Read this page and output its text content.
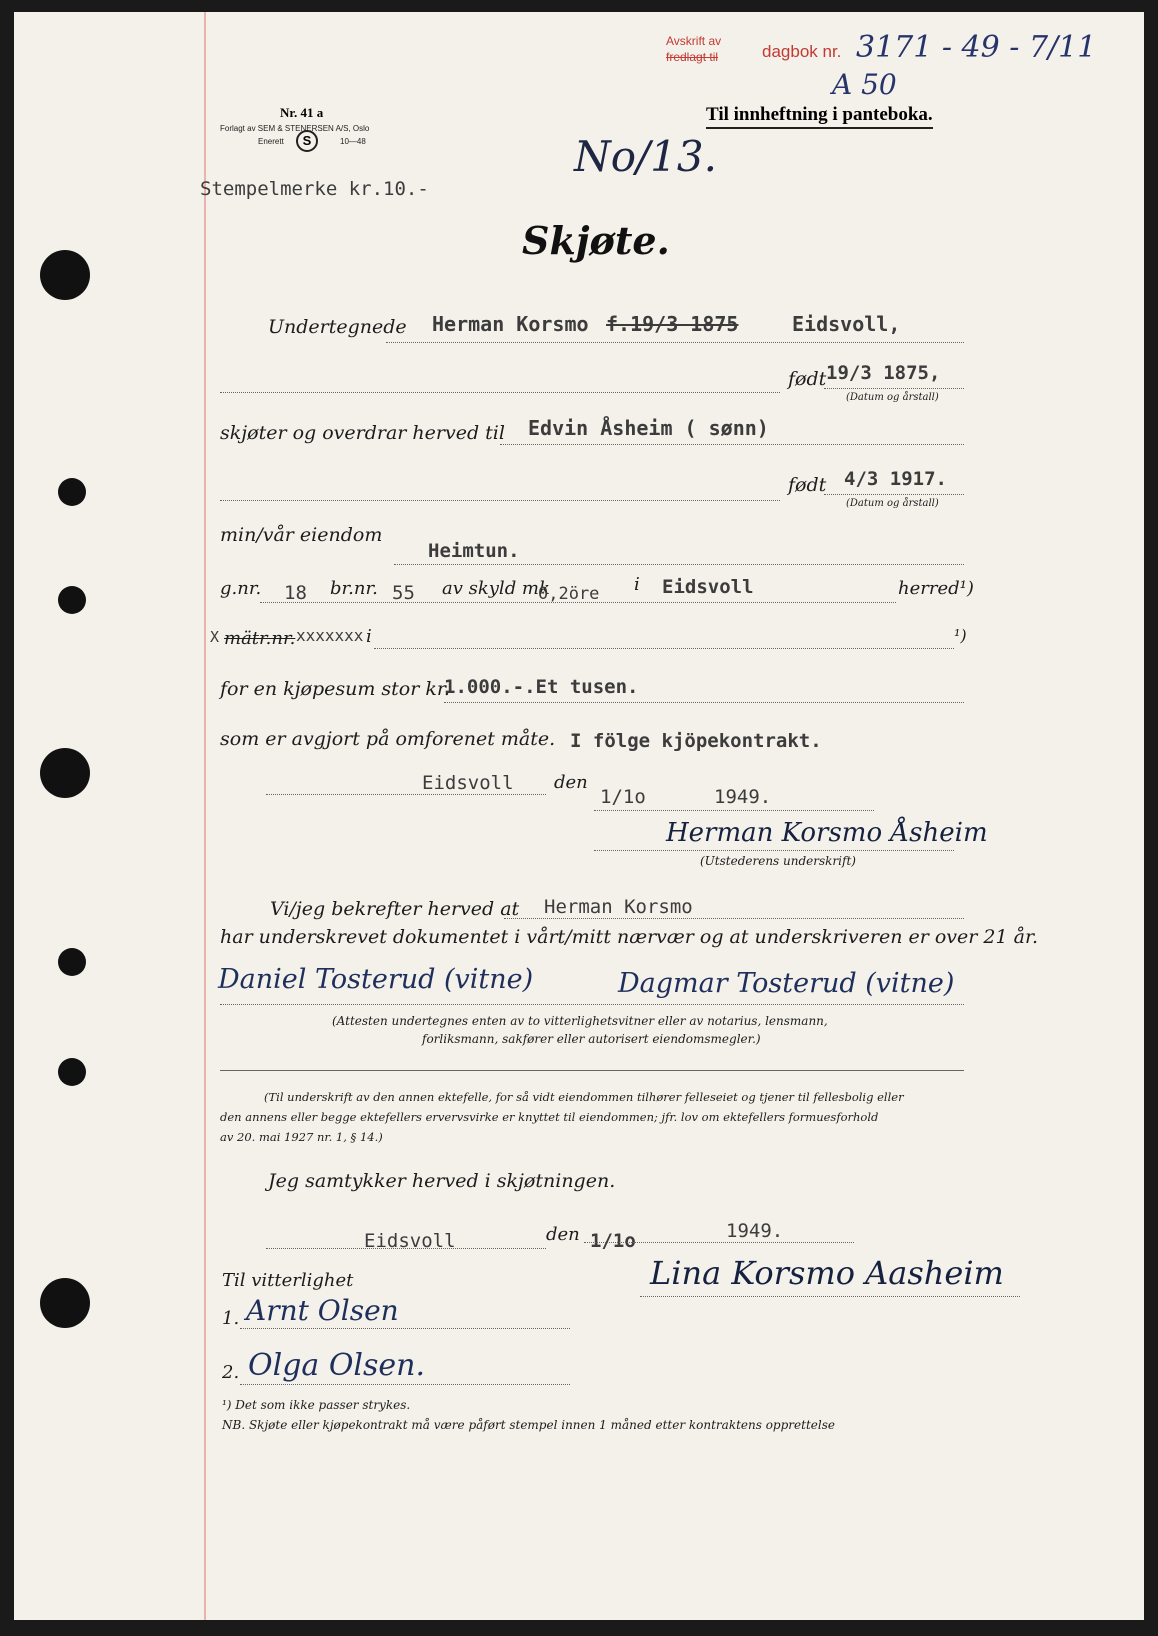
Avskrift av
fredlagt til	dagbok nr. 3171 - 49 - 7/11
A 50
Nr. 41 a
Forlagt av SEM & STENERSEN A/S, Oslo
Enerett	S	10—48
Til innheftning i panteboka.
Stempelmerke kr.10.-
No/13.
Skjøte.
Undertegnede Herman Korsmo f.19/3 1875	Eidsvoll,
født 19/3 1875,
(Datum og årstall)
skjøter og overdrar herved til Edvin Åsheim ( sønn)
født 4/3 1917.
(Datum og årstall)
min/vår eiendom
Heimtun.
g.nr. 18 br.nr. 55 av skyld mk
0,2öre i Eidsvoll	herred¹)
X mätr.nr. xxxxxxx i	¹)
for en kjøpesum stor kr.
1.000.-.Et tusen.
som er avgjort på omforenet måte. I fölge kjöpekontrakt.
Eidsvoll den
1/1o	1949.
Herman Korsmo Åsheim
(Utstederens underskrift)
Vi/jeg bekrefter herved at Herman Korsmo
har underskrevet dokumentet i vårt/mitt nærvær og at underskriveren er over 21 år.
Daniel Tosterud (vitne)	Dagmar Tosterud (vitne)
(Attesten undertegnes enten av to vitterlighetsvitner eller av notarius, lensmann,
forliksmann, sakfører eller autorisert eiendomsmegler.)
(Til underskrift av den annen ektefelle, for så vidt eiendommen tilhører felleseiet og tjener til fellesbolig eller
den annens eller begge ektefellers ervervsvirke er knyttet til eiendommen; jfr. lov om ektefellers formuesforhold
av 20. mai 1927 nr. 1, § 14.)
Jeg samtykker herved i skjøtningen.
Eidsvoll	den 1/1o	1949.
Lina Korsmo Aasheim
Til vitterlighet
1. Arnt Olsen
2. Olga Olsen.
¹) Det som ikke passer strykes.
NB. Skjøte eller kjøpekontrakt må være påført stempel innen 1 måned etter kontraktens opprettelse
